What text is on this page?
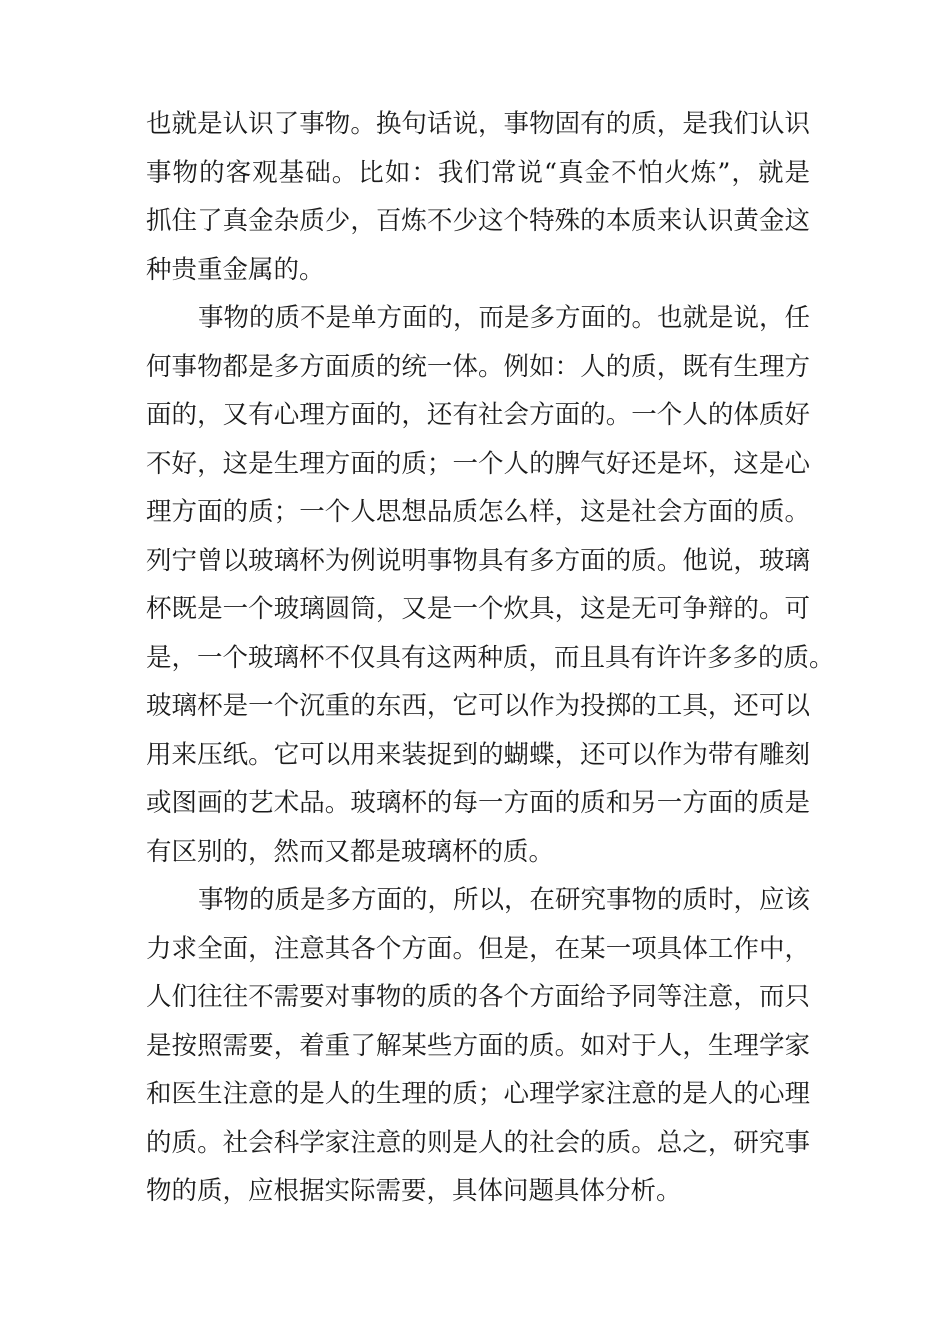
也就是认识了事物。换句话说，事物固有的质，是我们认识
事物的客观基础。比如：我们常说“真金不怕火炼”，就是
抓住了真金杂质少，百炼不少这个特殊的本质来认识黄金这
种贵重金属的。
事物的质不是单方面的，而是多方面的。也就是说，任
何事物都是多方面质的统一体。例如：人的质，既有生理方
面的，又有心理方面的，还有社会方面的。一个人的体质好
不好，这是生理方面的质；一个人的脾气好还是坏，这是心
理方面的质；一个人思想品质怎么样，这是社会方面的质。
列宁曾以玻璃杯为例说明事物具有多方面的质。他说，玻璃
杯既是一个玻璃圆筒，又是一个炊具，这是无可争辩的。可
是，一个玻璃杯不仅具有这两种质，而且具有许许多多的质。
玻璃杯是一个沉重的东西，它可以作为投掷的工具，还可以
用来压纸。它可以用来装捉到的蝴蝶，还可以作为带有雕刻
或图画的艺术品。玻璃杯的每一方面的质和另一方面的质是
有区别的，然而又都是玻璃杯的质。
事物的质是多方面的，所以，在研究事物的质时，应该
力求全面，注意其各个方面。但是，在某一项具体工作中，
人们往往不需要对事物的质的各个方面给予同等注意，而只
是按照需要，着重了解某些方面的质。如对于人，生理学家
和医生注意的是人的生理的质；心理学家注意的是人的心理
的质。社会科学家注意的则是人的社会的质。总之，研究事
物的质，应根据实际需要，具体问题具体分析。
